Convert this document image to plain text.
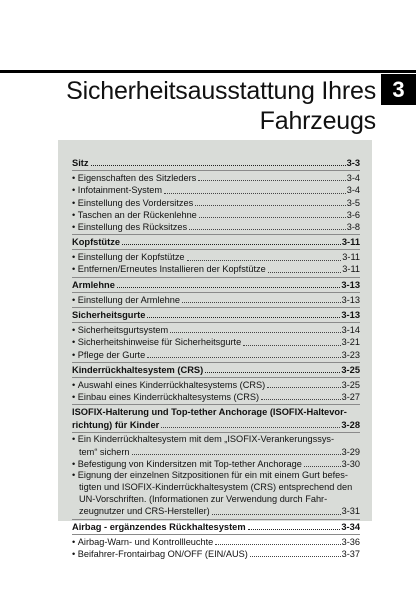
Sicherheitsausstattung Ihres
Fahrzeugs
3
Sitz	3-3
• Eigenschaften des Sitzleders	3-4
• Infotainment-System	3-4
• Einstellung des Vordersitzes	3-5
• Taschen an der Rückenlehne	3-6
• Einstellung des Rücksitzes	3-8
Kopfstütze	3-11
• Einstellung der Kopfstütze	3-11
• Entfernen/Erneutes Installieren der Kopfstütze	3-11
Armlehne	3-13
• Einstellung der Armlehne	3-13
Sicherheitsgurte	3-13
• Sicherheitsgurtsystem	3-14
• Sicherheitshinweise für Sicherheitsgurte	3-21
• Pflege der Gurte	3-23
Kinderrückhaltesystem (CRS)	3-25
• Auswahl eines Kinderrückhaltesystems (CRS)	3-25
• Einbau eines Kinderrückhaltesystems (CRS)	3-27
ISOFIX-Halterung und Top-tether Anchorage (ISOFIX-Haltevor-
richtung) für Kinder	3-28
• Ein Kinderrückhaltesystem mit dem „ISOFIX-Verankerungssys-
tem“ sichern	3-29
• Befestigung von Kindersitzen mit Top-tether Anchorage	3-30
• Eignung der einzelnen Sitzpositionen für ein mit einem Gurt befes-
tigten und ISOFIX-Kinderrückhaltesystem (CRS) entsprechend den
UN-Vorschriften. (Informationen zur Verwendung durch Fahr-
zeugnutzer und CRS-Hersteller)	3-31
Airbag - ergänzendes Rückhaltesystem	3-34
• Airbag-Warn- und Kontrollleuchte	3-36
• Beifahrer-Frontairbag ON/OFF (EIN/AUS)	3-37
